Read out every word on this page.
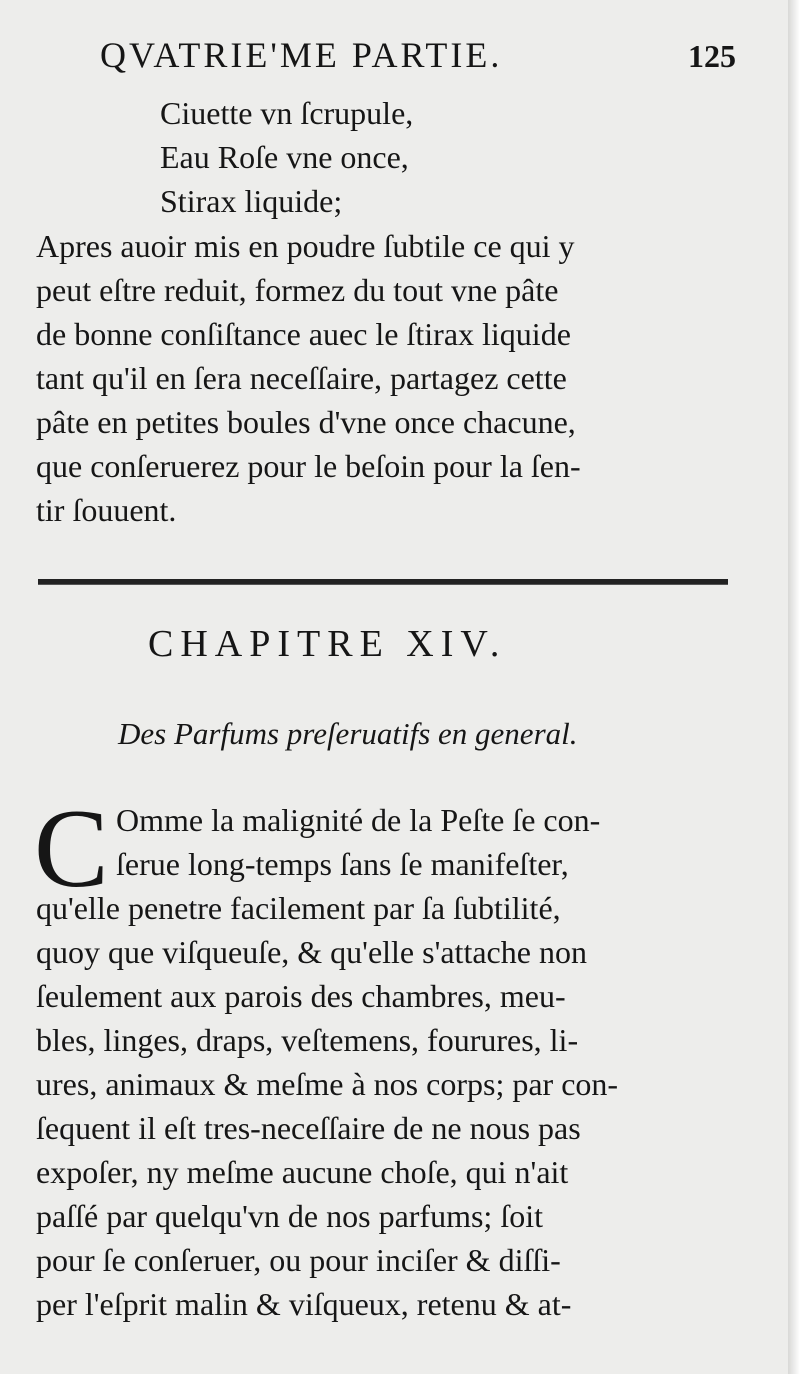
QVATRIE'ME PARTIE.	125
Ciuette vn ſcrupule,
Eau Roſe vne once,
Stirax liquide;
Apres auoir mis en poudre ſubtile ce qui y
peut eſtre reduit, formez du tout vne pâte
de bonne conſiſtance auec le ſtirax liquide
tant qu'il en ſera neceſſaire, partagez cette
pâte en petites boules d'vne once chacune,
que conſeruerez pour le beſoin pour la ſen-
tir ſouuent.
CHAPITRE XIV.
Des Parfums preſeruatifs en general.
C Omme la malignité de la Peſte ſe con-
ſerue long-temps ſans ſe manifeſter,
qu'elle penetre facilement par ſa ſubtilité,
quoy que viſqueuſe, & qu'elle s'attache non
ſeulement aux parois des chambres, meu-
bles, linges, draps, veſtemens, fourures, li-
ures, animaux & meſme à nos corps; par con-
ſequent il eſt tres-neceſſaire de ne nous pas
expoſer, ny meſme aucune choſe, qui n'ait
paſſé par quelqu'vn de nos parfums; ſoit
pour ſe conſeruer, ou pour inciſer & diſſi-
per l'eſprit malin & viſqueux, retenu & at-
